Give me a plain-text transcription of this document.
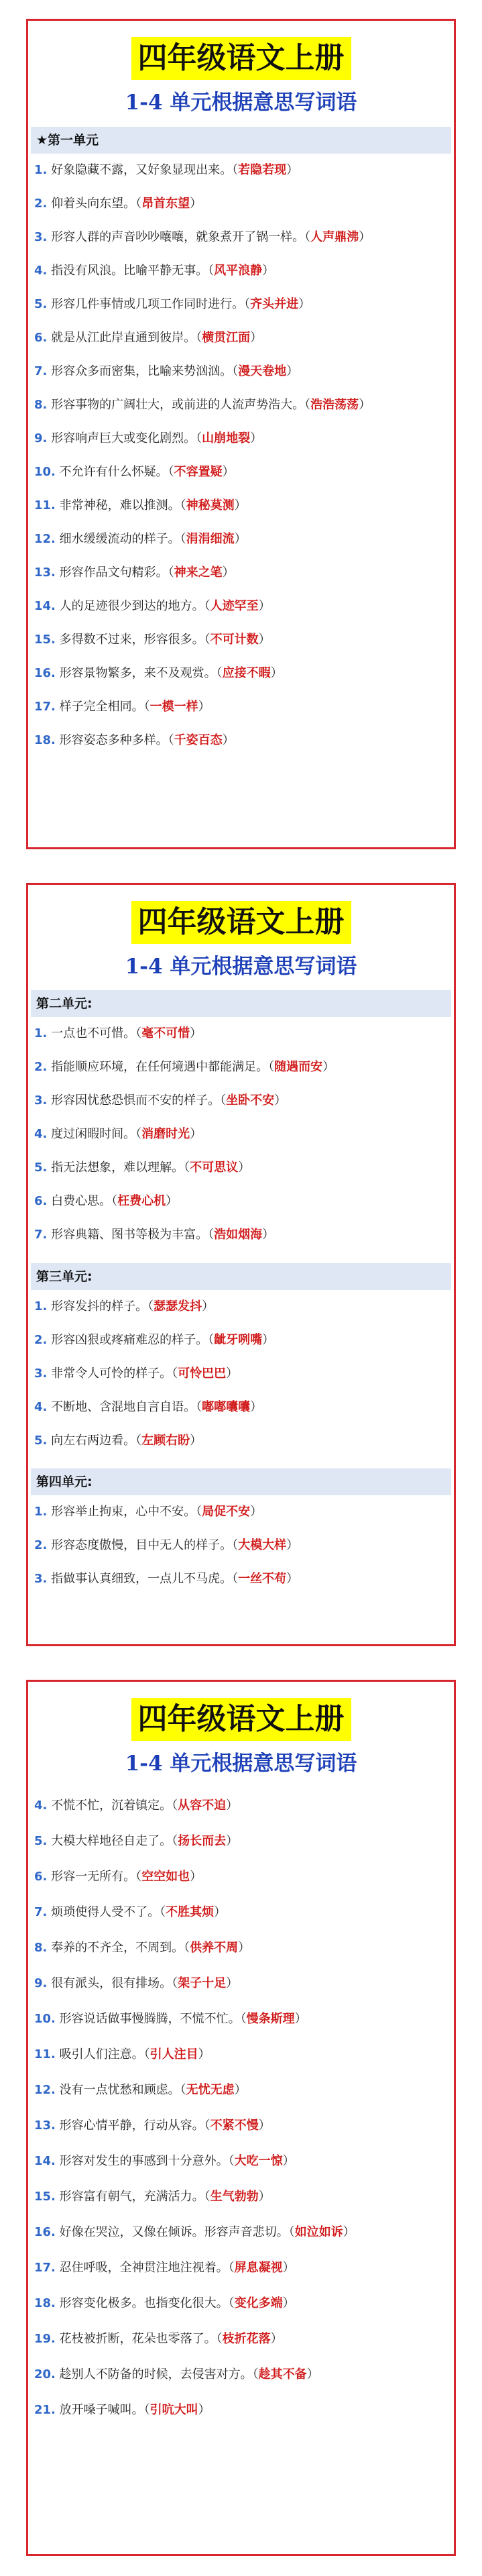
四年级语文上册
1-4 单元根据意思写词语
★第一单元
1. 好象隐藏不露，又好象显现出来。（若隐若现）
2. 仰着头向东望。（昂首东望）
3. 形容人群的声音吵吵嚷嚷，就象煮开了锅一样。（人声鼎沸）
4. 指没有风浪。比喻平静无事。（风平浪静）
5. 形容几件事情或几项工作同时进行。（齐头并进）
6. 就是从江此岸直通到彼岸。（横贯江面）
7. 形容众多而密集，比喻来势汹汹。（漫天卷地）
8. 形容事物的广阔壮大，或前进的人流声势浩大。（浩浩荡荡）
9. 形容响声巨大或变化剧烈。（山崩地裂）
10. 不允许有什么怀疑。（不容置疑）
11. 非常神秘，难以推测。（神秘莫测）
12. 细水缓缓流动的样子。（涓涓细流）
13. 形容作品文句精彩。（神来之笔）
14. 人的足迹很少到达的地方。（人迹罕至）
15. 多得数不过来，形容很多。（不可计数）
16. 形容景物繁多，来不及观赏。（应接不暇）
17. 样子完全相同。（一模一样）
18. 形容姿态多种多样。（千姿百态）
四年级语文上册
1-4 单元根据意思写词语
第二单元:
1. 一点也不可惜。（毫不可惜）
2. 指能顺应环境，在任何境遇中都能满足。（随遇而安）
3. 形容因忧愁恐惧而不安的样子。（坐卧不安）
4. 度过闲暇时间。（消磨时光）
5. 指无法想象，难以理解。（不可思议）
6. 白费心思。（枉费心机）
7. 形容典籍、图书等极为丰富。（浩如烟海）
第三单元:
1. 形容发抖的样子。（瑟瑟发抖）
2. 形容凶狠或疼痛难忍的样子。（龇牙咧嘴）
3. 非常令人可怜的样子。（可怜巴巴）
4. 不断地、含混地自言自语。（嘟嘟囔囔）
5. 向左右两边看。（左顾右盼）
第四单元:
1. 形容举止拘束，心中不安。（局促不安）
2. 形容态度傲慢，目中无人的样子。（大模大样）
3. 指做事认真细致，一点儿不马虎。（一丝不苟）
四年级语文上册
1-4 单元根据意思写词语
4. 不慌不忙，沉着镇定。（从容不迫）
5. 大模大样地径自走了。（扬长而去）
6. 形容一无所有。（空空如也）
7. 烦琐使得人受不了。（不胜其烦）
8. 奉养的不齐全，不周到。（供养不周）
9. 很有派头，很有排场。（架子十足）
10. 形容说话做事慢腾腾，不慌不忙。（慢条斯理）
11. 吸引人们注意。（引人注目）
12. 没有一点忧愁和顾虑。（无忧无虑）
13. 形容心情平静，行动从容。（不紧不慢）
14. 形容对发生的事感到十分意外。（大吃一惊）
15. 形容富有朝气，充满活力。（生气勃勃）
16. 好像在哭泣，又像在倾诉。形容声音悲切。（如泣如诉）
17. 忍住呼吸，全神贯注地注视着。（屏息凝视）
18. 形容变化极多。也指变化很大。（变化多端）
19. 花枝被折断，花朵也零落了。（枝折花落）
20. 趁别人不防备的时候，去侵害对方。（趁其不备）
21. 放开嗓子喊叫。（引吭大叫）
